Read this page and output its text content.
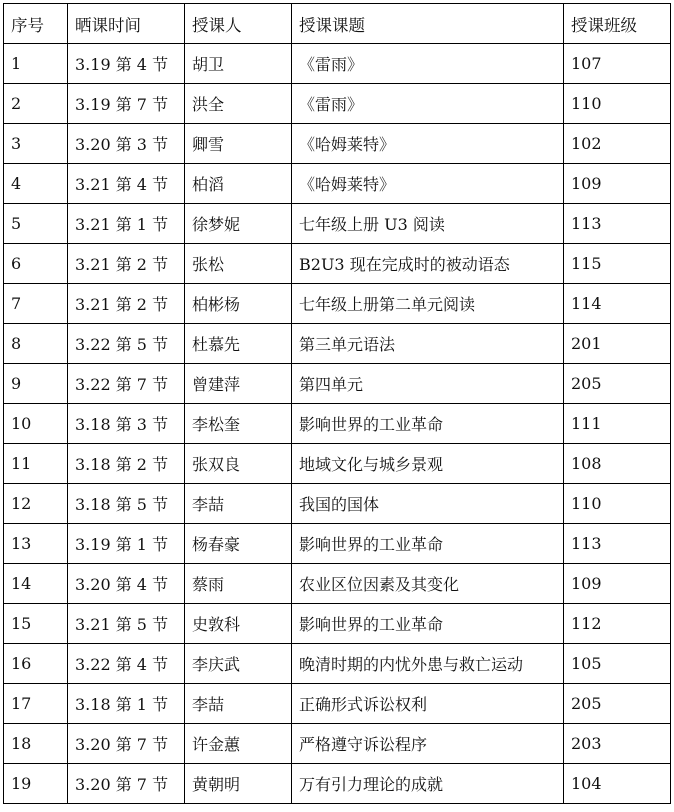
序号	晒课时间	授课人	授课课题	授课班级
1	3.19 第 4 节	胡卫	《雷雨》	107
2	3.19 第 7 节	洪全	《雷雨》	110
3	3.20 第 3 节	卿雪	《哈姆莱特》	102
4	3.21 第 4 节	柏滔	《哈姆莱特》	109
5	3.21 第 1 节	徐梦妮	七年级上册 U3 阅读	113
6	3.21 第 2 节	张松	B2U3 现在完成时的被动语态	115
7	3.21 第 2 节	柏彬杨	七年级上册第二单元阅读	114
8	3.22 第 5 节	杜慕先	第三单元语法	201
9	3.22 第 7 节	曾建萍	第四单元	205
10	3.18 第 3 节	李松奎	影响世界的工业革命	111
11	3.18 第 2 节	张双良	地域文化与城乡景观	108
12	3.18 第 5 节	李喆	我国的国体	110
13	3.19 第 1 节	杨春豪	影响世界的工业革命	113
14	3.20 第 4 节	蔡雨	农业区位因素及其变化	109
15	3.21 第 5 节	史敦科	影响世界的工业革命	112
16	3.22 第 4 节	李庆武	晚清时期的内忧外患与救亡运动	105
17	3.18 第 1 节	李喆	正确形式诉讼权利	205
18	3.20 第 7 节	许金蕙	严格遵守诉讼程序	203
19	3.20 第 7 节	黄朝明	万有引力理论的成就	104
